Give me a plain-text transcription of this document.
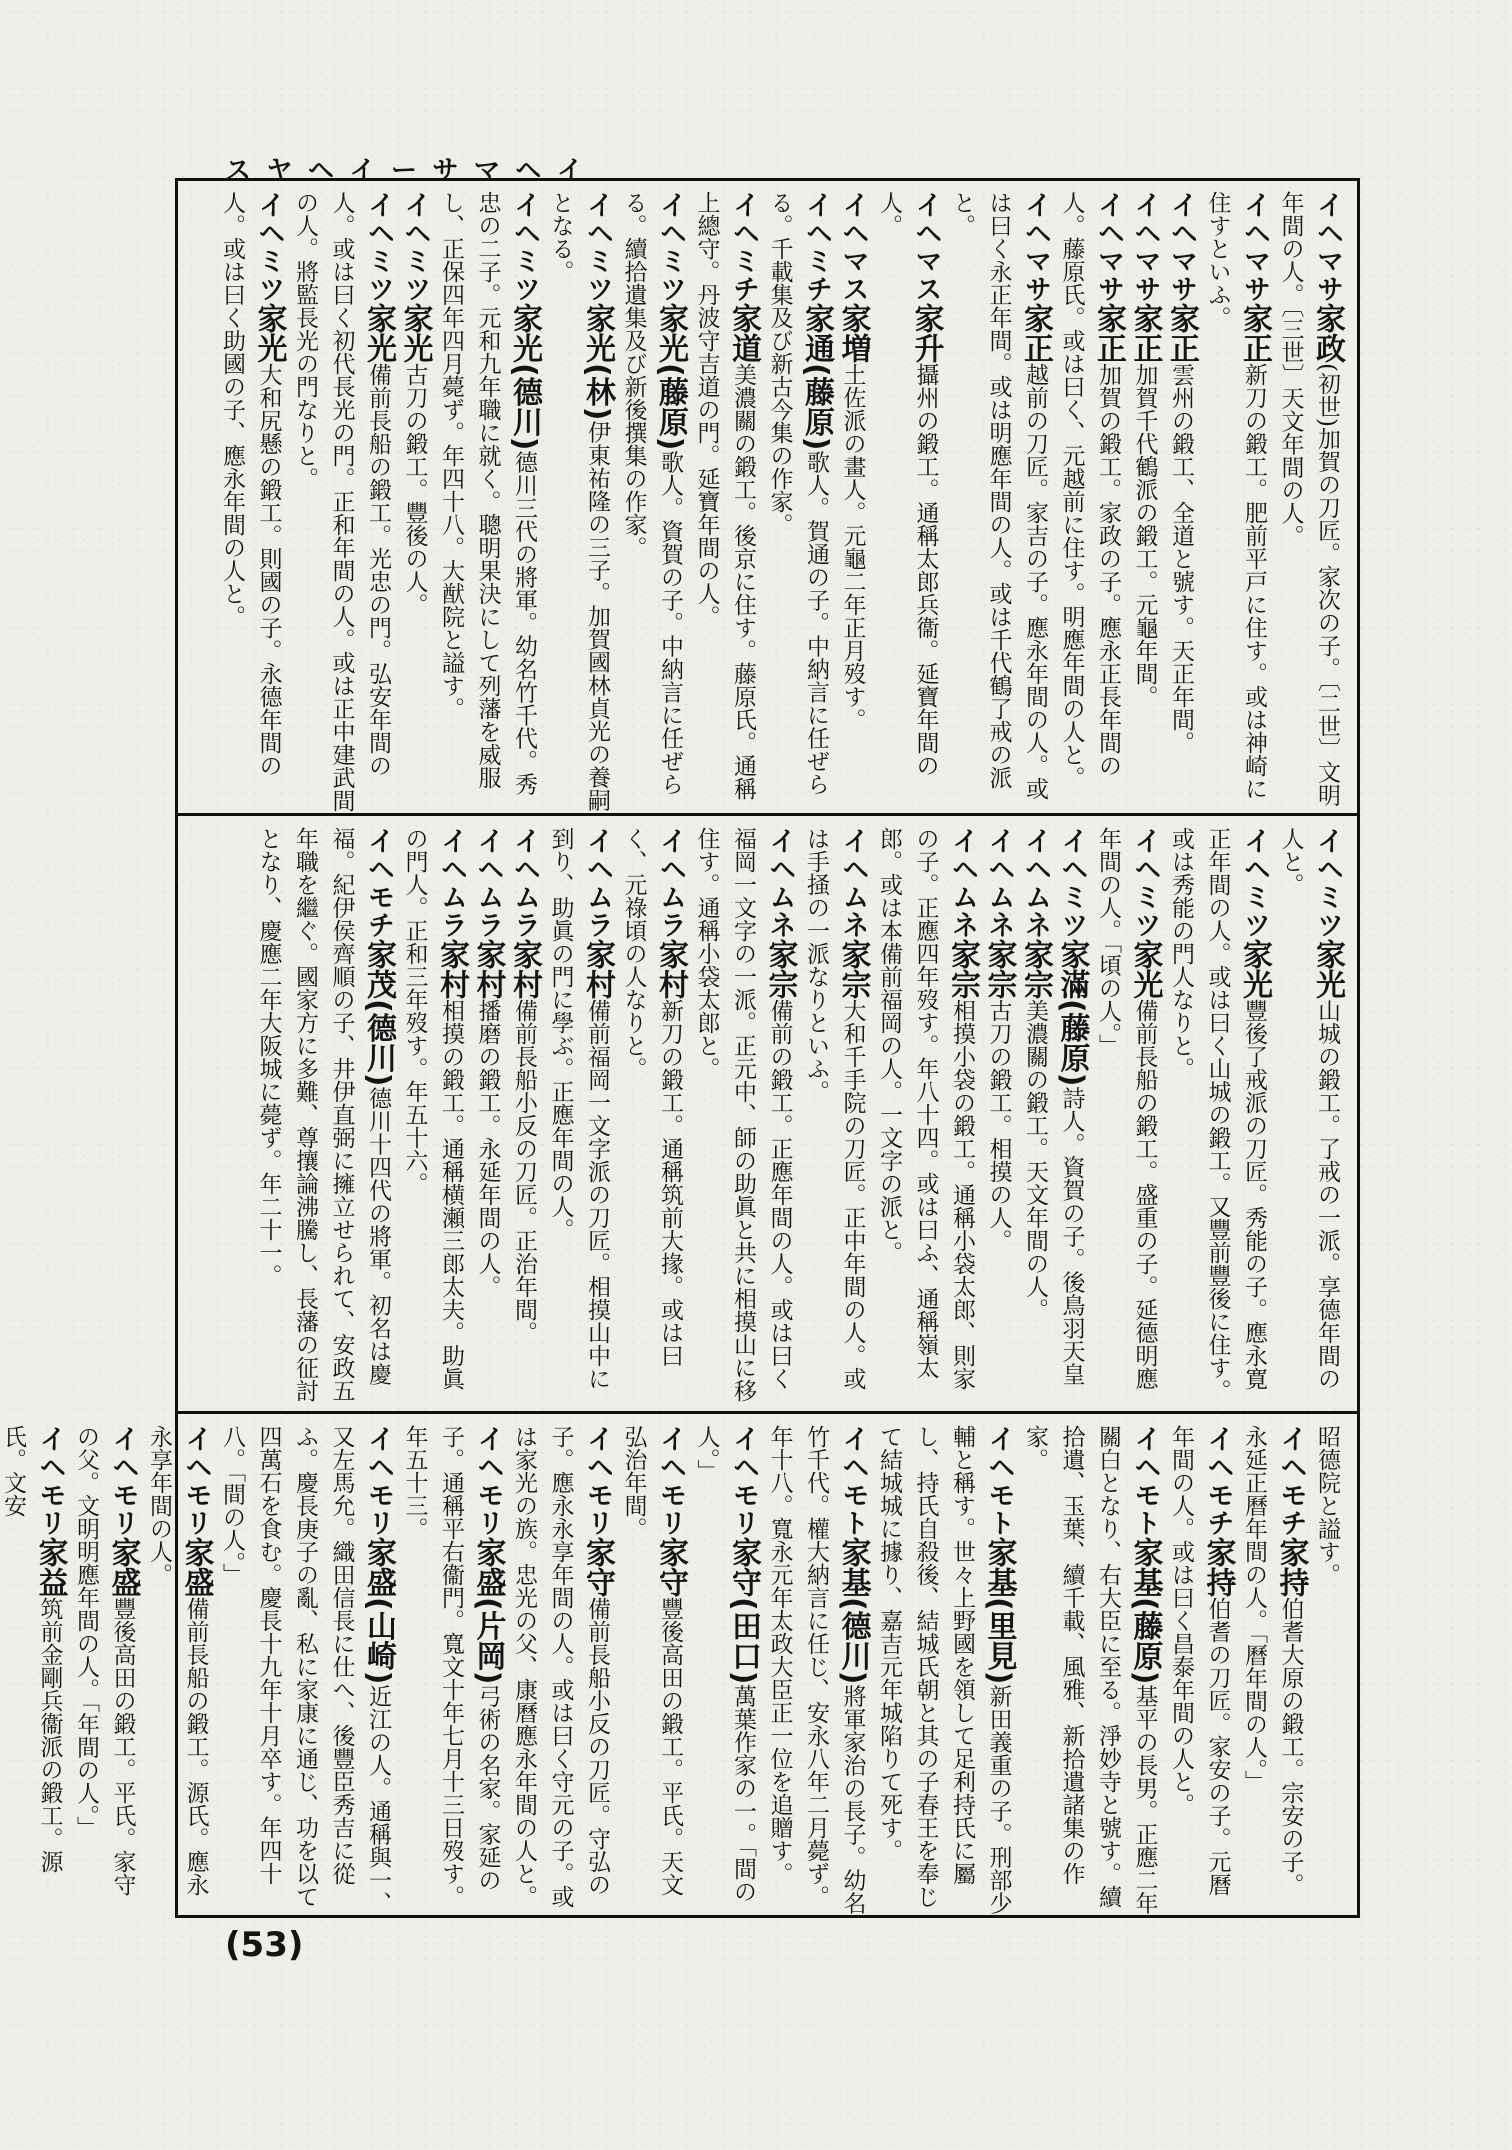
イ
ヘ
マ
サ
ー
イ
ヘ
ヤ
ス
イヘマサ家政(初世)加賀の刀匠。家次の子。〔二世〕文明年間の人。〔三世〕天文年間の人。
イヘマサ家正新刀の鍛工。肥前平戸に住す。或は神崎に住すといふ。
イヘマサ家正雲州の鍛工、全道と號す。天正年間。
イヘマサ家正加賀千代鶴派の鍛工。元龜年間。
イヘマサ家正加賀の鍛工。家政の子。應永正長年間の人。藤原氏。或は曰く、元越前に住す。明應年間の人と。
イヘマサ家正越前の刀匠。家吉の子。應永年間の人。或は曰く永正年間。或は明應年間の人。或は千代鶴了戒の派と。
イヘマス家升攝州の鍛工。通稱太郎兵衞。延寶年間の人。
イヘマス家増土佐派の畫人。元龜二年正月歿す。
イヘミチ家通(藤原)歌人。賀通の子。中納言に任ぜらる。千載集及び新古今集の作家。
イヘミチ家道美濃關の鍛工。後京に住す。藤原氏。通稱上總守。丹波守吉道の門。延寶年間の人。
イヘミツ家光(藤原)歌人。資賀の子。中納言に任ぜらる。續拾遺集及び新後撰集の作家。
イヘミツ家光(林)伊東祐隆の三子。加賀國林貞光の養嗣となる。
イヘミツ家光(德川)德川三代の將軍。幼名竹千代。秀忠の二子。元和九年職に就く。聰明果決にして列藩を威服し、正保四年四月薨ず。年四十八。大猷院と謚す。
イヘミツ家光古刀の鍛工。豐後の人。
イヘミツ家光備前長船の鍛工。光忠の門。弘安年間の人。或は曰く初代長光の門。正和年間の人。或は正中建武間の人。將監長光の門なりと。
イヘミツ家光大和尻懸の鍛工。則國の子。永德年間の人。或は曰く助國の子、應永年間の人と。
イヘミツ家光山城の鍛工。了戒の一派。享德年間の人と。
イヘミツ家光豐後了戒派の刀匠。秀能の子。應永寛正年間の人。或は曰く山城の鍛工。又豐前豐後に住す。或は秀能の門人なりと。
イヘミツ家光備前長船の鍛工。盛重の子。延德明應年間の人。「頃の人。」
イヘミツ家滿(藤原)詩人。資賀の子。後鳥羽天皇
イヘムネ家宗美濃關の鍛工。天文年間の人。
イヘムネ家宗古刀の鍛工。相摸の人。
イヘムネ家宗相摸小袋の鍛工。通稱小袋太郎、則家の子。正應四年歿す。年八十四。或は曰ふ、通稱嶺太郎。或は本備前福岡の人。一文字の派と。
イヘムネ家宗大和千手院の刀匠。正中年間の人。或は手掻の一派なりといふ。
イヘムネ家宗備前の鍛工。正應年間の人。或は曰く福岡一文字の一派。正元中、師の助眞と共に相摸山に移住す。通稱小袋太郎と。
イヘムラ家村新刀の鍛工。通稱筑前大掾。或は曰く、元祿頃の人なりと。
イヘムラ家村備前福岡一文字派の刀匠。相摸山中に到り、助眞の門に學ぶ。正應年間の人。
イヘムラ家村備前長船小反の刀匠。正治年間。
イヘムラ家村播磨の鍛工。永延年間の人。
イヘムラ家村相摸の鍛工。通稱横瀬三郎太夫。助眞の門人。正和三年歿す。年五十六。
イヘモチ家茂(德川)德川十四代の將軍。初名は慶福。紀伊侯齊順の子、井伊直弼に擁立せられて、安政五年職を繼ぐ。國家方に多難、尊攘論沸騰し、長藩の征討となり、慶應二年大阪城に薨ず。年二十一。
昭德院と謚す。
イヘモチ家持伯耆大原の鍛工。宗安の子。永延正曆年間の人。「曆年間の人。」
イヘモチ家持伯耆の刀匠。家安の子。元曆年間の人。或は曰く昌泰年間の人と。
イヘモト家基(藤原)基平の長男。正應二年關白となり、右大臣に至る。淨妙寺と號す。續拾遺、玉葉、續千載、風雅、新拾遺諸集の作家。
イヘモト家基(里見)新田義重の子。刑部少輔と稱す。世々上野國を領して足利持氏に屬し、持氏自殺後、結城氏朝と其の子春王を奉じて結城城に據り、嘉吉元年城陷りて死す。
イヘモト家基(德川)將軍家治の長子。幼名竹千代。權大納言に任じ、安永八年二月薨ず。年十八。寬永元年太政大臣正一位を追贈す。
イヘモリ家守(田口)萬葉作家の一。「間の人。」
イヘモリ家守豐後高田の鍛工。平氏。天文弘治年間。
イヘモリ家守備前長船小反の刀匠。守弘の子。應永永享年間の人。或は曰く守元の子。或は家光の族。忠光の父、康曆應永年間の人と。
イヘモリ家盛(片岡)弓術の名家。家延の子。通稱平右衞門。寬文十年七月十三日歿す。年五十三。
イヘモリ家盛(山崎)近江の人。通稱與一、又左馬允。織田信長に仕へ、後豐臣秀吉に從ふ。慶長庚子の亂、私に家康に通じ、功を以て四萬石を食む。慶長十九年十月卒す。年四十八。「間の人。」
イヘモリ家盛備前長船の鍛工。源氏。應永永享年間の人。
イヘモリ家盛豐後高田の鍛工。平氏。家守の父。文明明應年間の人。「年間の人。」
イヘモリ家益筑前金剛兵衞派の鍛工。源氏。文安
(53)
